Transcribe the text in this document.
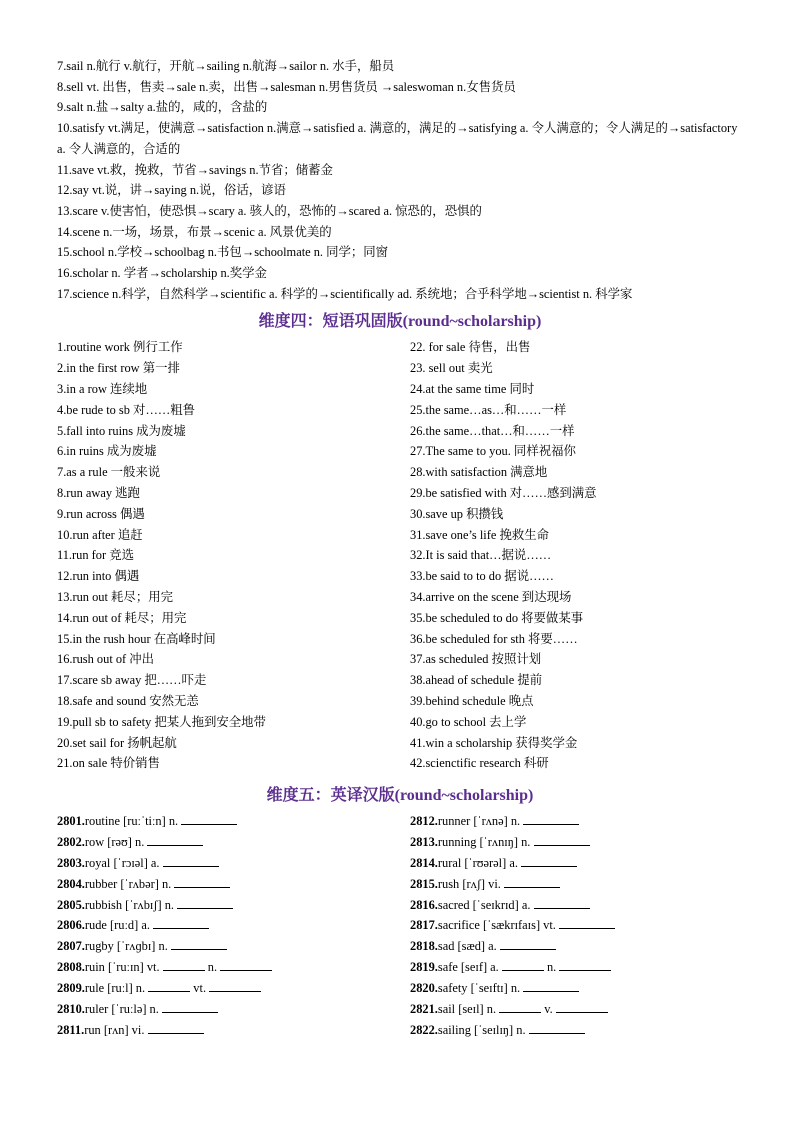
7.sail n.航行 v.航行，开航→sailing n.航海→sailor n. 水手，船员
8.sell vt. 出售，售卖→sale n.卖，出售→salesman n.男售货员 →saleswoman n.女售货员
9.salt n.盐→salty a.盐的，咸的，含盐的
10.satisfy vt.满足，使满意→satisfaction n.满意→satisfied a. 满意的，满足的→satisfying a. 令人满意的；令人满足的→satisfactory a. 令人满意的，合适的
11.save vt.救，挽救，节省→savings n.节省；储蓄金
12.say vt.说，讲→saying n.说，俗话，谚语
13.scare v.使害怕，使恐惧→scary a. 骇人的，恐怖的→scared a. 惊恐的，恐惧的
14.scene n.一场，场景，布景→scenic a. 风景优美的
15.school n.学校→schoolbag n.书包→schoolmate n. 同学；同窗
16.scholar n. 学者→scholarship n.奖学金
17.science n.科学，自然科学→scientific a. 科学的→scientifically ad. 系统地；合乎科学地→scientist n. 科学家
维度四：短语巩固版(round~scholarship)
1.routine work 例行工作
2.in the first row 第一排
3.in a row 连续地
4.be rude to sb 对……粗鲁
5.fall into ruins 成为废墟
6.in ruins 成为废墟
7.as a rule 一般来说
8.run away 逃跑
9.run across 偶遇
10.run after 追赶
11.run for 竞选
12.run into 偶遇
13.run out 耗尽；用完
14.run out of 耗尽；用完
15.in the rush hour 在高峰时间
16.rush out of 冲出
17.scare sb away 把……吓走
18.safe and sound 安然无恙
19.pull sb to safety 把某人拖到安全地带
20.set sail for 扬帆起航
21.on sale 特价销售
22. for sale 待售，出售
23. sell out 卖光
24.at the same time 同时
25.the same…as…和……一样
26.the same…that…和……一样
27.The same to you. 同样祝福你
28.with satisfaction 满意地
29.be satisfied with 对……感到满意
30.save up 积攒钱
31.save one’s life 挽救生命
32.It is said that…据说……
33.be said to to do 据说……
34.arrive on the scene 到达现场
35.be scheduled to do 将要做某事
36.be scheduled for sth 将要……
37.as scheduled 按照计划
38.ahead of schedule 提前
39.behind schedule 晚点
40.go to school 去上学
41.win a scholarship 获得奖学金
42.scienctific research 科研
维度五：英译汉版(round~scholarship)
2801.routine [ruːˈtiːn] n.
2802.row [rəʊ] n.
2803.royal [ˈrɔɪəl] a.
2804.rubber [ˈrʌbər] n.
2805.rubbish [ˈrʌbɪʃ] n.
2806.rude [ruːd] a.
2807.rugby [ˈrʌɡbɪ] n.
2808.ruin [ˈruːɪn] vt.	n.
2809.rule [ruːl] n.	vt.
2810.ruler [ˈruːlə] n.
2811.run [rʌn] vi.
2812.runner [ˈrʌnə] n.
2813.running [ˈrʌnɪŋ] n.
2814.rural [ˈrʊərəl] a.
2815.rush [rʌʃ] vi.
2816.sacred [ˈseɪkrɪd] a.
2817.sacrifice [ˈsækrɪfaɪs] vt.
2818.sad [sæd] a.
2819.safe [seɪf] a.	n.
2820.safety [ˈseɪftɪ] n.
2821.sail [seɪl] n.	v.
2822.sailing [ˈseɪlɪŋ] n.
